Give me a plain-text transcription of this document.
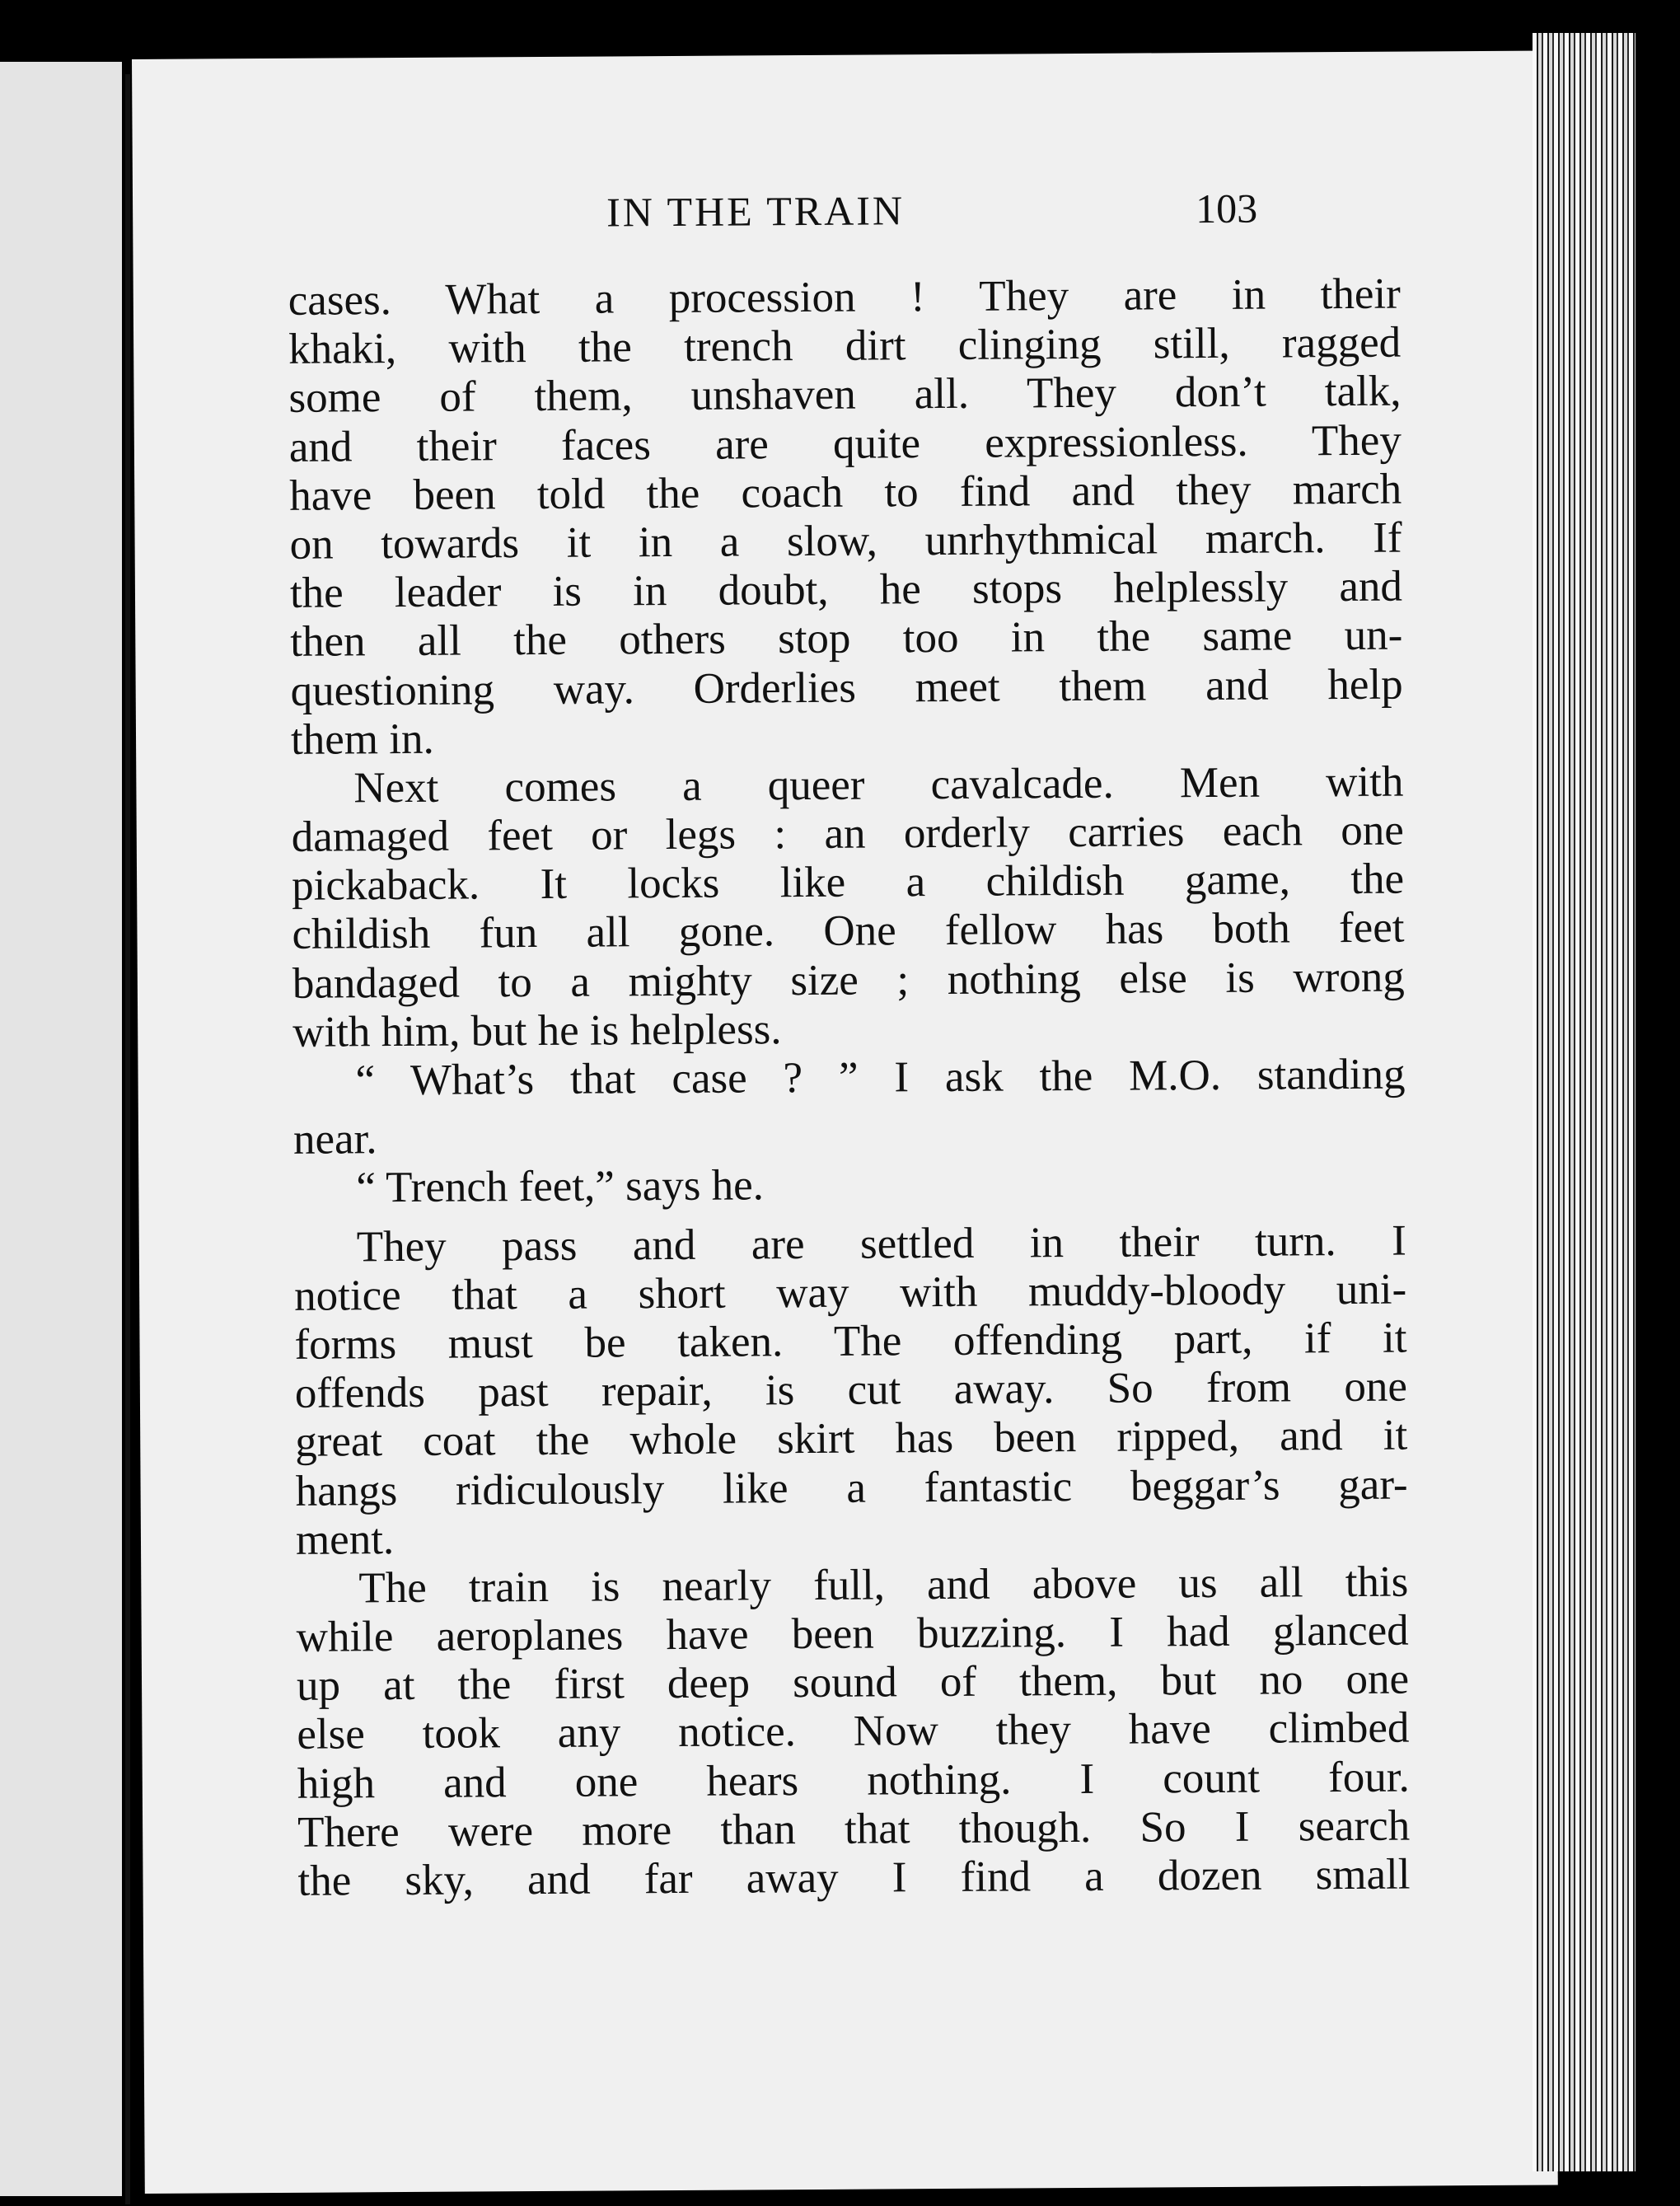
IN THE TRAIN	103
cases. What a procession ! They are in their
khaki, with the trench dirt clinging still, ragged
some of them, unshaven all. They don’t talk,
and their faces are quite expressionless. They
have been told the coach to find and they march
on towards it in a slow, unrhythmical march. If
the leader is in doubt, he stops helplessly and
then all the others stop too in the same un-
questioning way. Orderlies meet them and help
them in.
Next comes a queer cavalcade. Men with
damaged feet or legs : an orderly carries each one
pickaback. It locks like a childish game, the
childish fun all gone. One fellow has both feet
bandaged to a mighty size ; nothing else is wrong
with him, but he is helpless.
“ What’s that case ? ” I ask the M.O. standing
near.
“ Trench feet,” says he.
They pass and are settled in their turn. I
notice that a short way with muddy-bloody uni-
forms must be taken. The offending part, if it
offends past repair, is cut away. So from one
great coat the whole skirt has been ripped, and it
hangs ridiculously like a fantastic beggar’s gar-
ment.
The train is nearly full, and above us all this
while aeroplanes have been buzzing. I had glanced
up at the first deep sound of them, but no one
else took any notice. Now they have climbed
high and one hears nothing. I count four.
There were more than that though. So I search
the sky, and far away I find a dozen small
